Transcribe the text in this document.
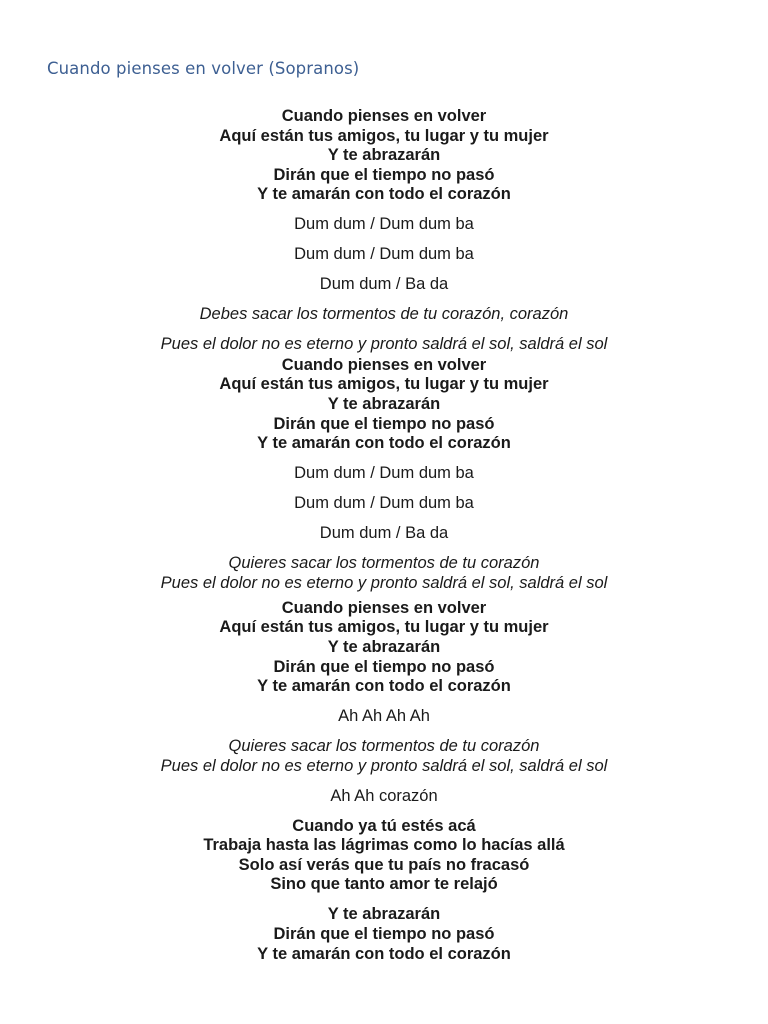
Cuando pienses en volver (Sopranos)
Cuando pienses en volver
Aquí están tus amigos, tu lugar y tu mujer
Y te abrazarán
Dirán que el tiempo no pasó
Y te amarán con todo el corazón
Dum dum / Dum dum ba
Dum dum / Dum dum ba
Dum dum / Ba da
Debes sacar los tormentos de tu corazón, corazón
Pues el dolor no es eterno y pronto saldrá el sol, saldrá el sol
Cuando pienses en volver
Aquí están tus amigos, tu lugar y tu mujer
Y te abrazarán
Dirán que el tiempo no pasó
Y te amarán con todo el corazón
Dum dum / Dum dum ba
Dum dum / Dum dum ba
Dum dum / Ba da
Quieres sacar los tormentos de tu corazón
Pues el dolor no es eterno y pronto saldrá el sol, saldrá el sol
Cuando pienses en volver
Aquí están tus amigos, tu lugar y tu mujer
Y te abrazarán
Dirán que el tiempo no pasó
Y te amarán con todo el corazón
Ah Ah Ah Ah
Quieres sacar los tormentos de tu corazón
Pues el dolor no es eterno y pronto saldrá el sol, saldrá el sol
Ah Ah corazón
Cuando ya tú estés acá
Trabaja hasta las lágrimas como lo hacías allá
Solo así verás que tu país no fracasó
Sino que tanto amor te relajó
Y te abrazarán
Dirán que el tiempo no pasó
Y te amarán con todo el corazón
